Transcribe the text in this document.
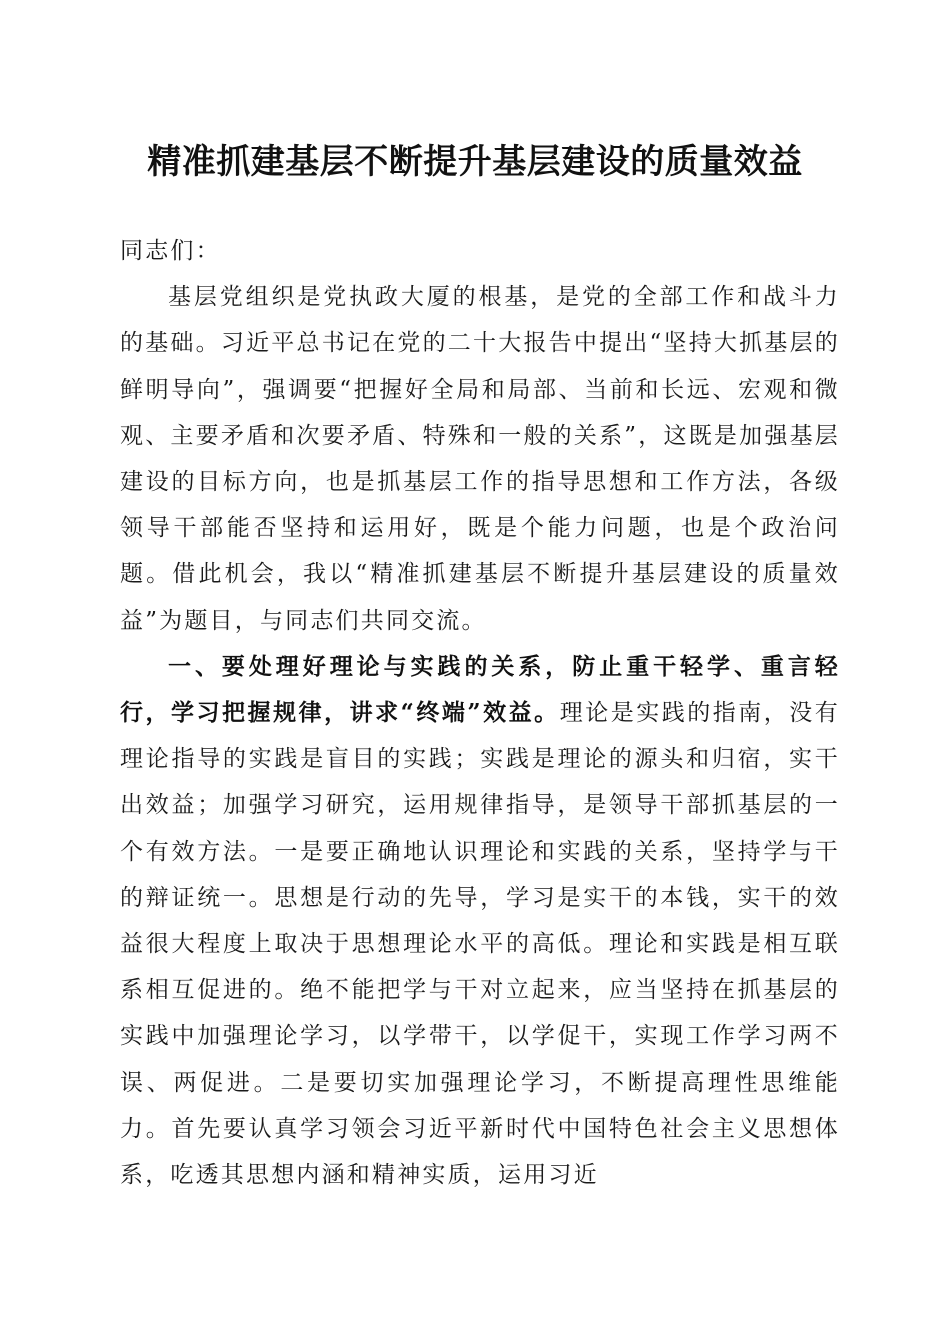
精准抓建基层不断提升基层建设的质量效益

同志们：

基层党组织是党执政大厦的根基，是党的全部工作和战斗力的基础。习近平总书记在党的二十大报告中提出“坚持大抓基层的鲜明导向”，强调要“把握好全局和局部、当前和长远、宏观和微观、主要矛盾和次要矛盾、特殊和一般的关系”，这既是加强基层建设的目标方向，也是抓基层工作的指导思想和工作方法，各级领导干部能否坚持和运用好，既是个能力问题，也是个政治问题。借此机会，我以“精准抓建基层不断提升基层建设的质量效益”为题目，与同志们共同交流。

一、要处理好理论与实践的关系，防止重干轻学、重言轻行，学习把握规律，讲求“终端”效益。理论是实践的指南，没有理论指导的实践是盲目的实践；实践是理论的源头和归宿，实干出效益；加强学习研究，运用规律指导，是领导干部抓基层的一个有效方法。一是要正确地认识理论和实践的关系，坚持学与干的辩证统一。思想是行动的先导，学习是实干的本钱，实干的效益很大程度上取决于思想理论水平的高低。理论和实践是相互联系相互促进的。绝不能把学与干对立起来，应当坚持在抓基层的实践中加强理论学习，以学带干，以学促干，实现工作学习两不误、两促进。二是要切实加强理论学习，不断提高理性思维能力。首先要认真学习领会习近平新时代中国特色社会主义思想体系，吃透其思想内涵和精神实质，运用习近
